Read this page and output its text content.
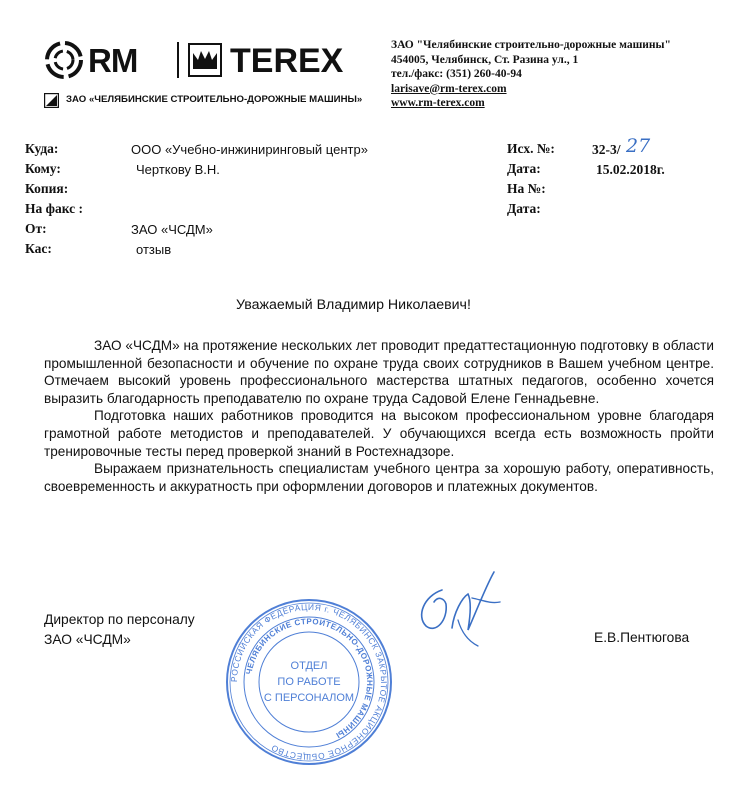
RM	TEREX
ЗАО «ЧЕЛЯБИНСКИЕ СТРОИТЕЛЬНО-ДОРОЖНЫЕ МАШИНЫ»
ЗАО "Челябинские строительно-дорожные машины"
454005, Челябинск, Ст. Разина ул., 1
тел./факс: (351) 260-40-94
larisave@rm-terex.com
www.rm-terex.com
Куда:	ООО «Учебно-инжиниринговый центр»
Кому:	Черткову В.Н.
Копия:
На факс :
От:	ЗАО «ЧСДМ»
Кас:	отзыв
Исх. №:	32-3/ 27
Дата:	15.02.2018г.
На №:
Дата:
Уважаемый Владимир Николаевич!

ЗАО «ЧСДМ» на протяжение нескольких лет проводит предаттестационную подготовку в области промышленной безопасности и обучение по охране труда своих сотрудников в Вашем учебном центре. Отмечаем высокий уровень профессионального мастерства штатных педагогов, особенно хочется выразить благодарность преподавателю по охране труда Садовой Елене Геннадьевне.

Подготовка наших работников проводится на высоком профессиональном уровне благодаря грамотной работе методистов и преподавателей. У обучающихся всегда есть возможность пройти тренировочные тесты перед проверкой знаний в Ростехнадзоре.

Выражаем признательность специалистам учебного центра за хорошую работу, оперативность, своевременность и аккуратность при оформлении договоров и платежных документов.

Директор по персоналу
ЗАО «ЧСДМ»	Е.В.Пентюгова
РОССИЙСКАЯ ФЕДЕРАЦИЯ г. ЧЕЛЯБИНСК ЗАКРЫТОЕ АКЦИОНЕРНОЕ ОБЩЕСТВО
ЧЕЛЯБИНСКИЕ СТРОИТЕЛЬНО-ДОРОЖНЫЕ МАШИНЫ
ОТДЕЛ
ПО РАБОТЕ
С ПЕРСОНАЛОМ
